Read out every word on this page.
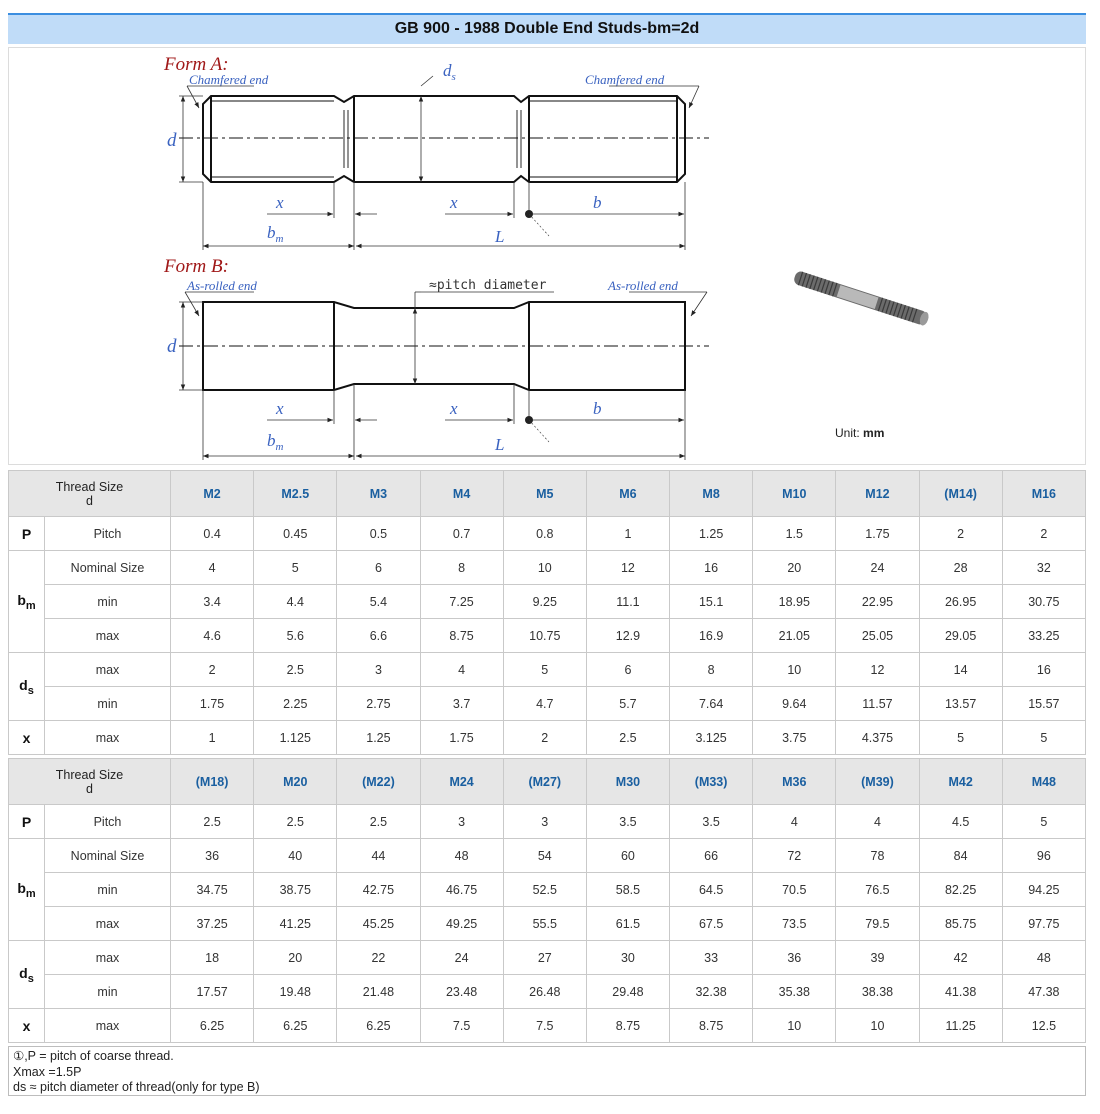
GB 900 - 1988 Double End Studs-bm=2d
Form A:
Chamfered end	Chamfered end
d
$d_s$
x	x	b
$b_m$	L
Form B:
As-rolled end	As-rolled end
≈pitch diameter
d
x	x	b
$b_m$	L
Unit: mm
Thread Size
d		M2	M2.5	M3	M4	M5	M6	M8	M10	M12	(M14)	M16
P	Pitch	0.4	0.45	0.5	0.7	0.8	1	1.25	1.5	1.75	2	2
$b_m$	Nominal Size	4	5	6	8	10	12	16	20	24	28	32
	min	3.4	4.4	5.4	7.25	9.25	11.1	15.1	18.95	22.95	26.95	30.75
	max	4.6	5.6	6.6	8.75	10.75	12.9	16.9	21.05	25.05	29.05	33.25
$d_s$	max	2	2.5	3	4	5	6	8	10	12	14	16
	min	1.75	2.25	2.75	3.7	4.7	5.7	7.64	9.64	11.57	13.57	15.57
x	max	1	1.125	1.25	1.75	2	2.5	3.125	3.75	4.375	5	5
Thread Size
d		(M18)	M20	(M22)	M24	(M27)	M30	(M33)	M36	(M39)	M42	M48
P	Pitch	2.5	2.5	2.5	3	3	3.5	3.5	4	4	4.5	5
$b_m$	Nominal Size	36	40	44	48	54	60	66	72	78	84	96
	min	34.75	38.75	42.75	46.75	52.5	58.5	64.5	70.5	76.5	82.25	94.25
	max	37.25	41.25	45.25	49.25	55.5	61.5	67.5	73.5	79.5	85.75	97.75
$d_s$	max	18	20	22	24	27	30	33	36	39	42	48
	min	17.57	19.48	21.48	23.48	26.48	29.48	32.38	35.38	38.38	41.38	47.38
x	max	6.25	6.25	6.25	7.5	7.5	8.75	8.75	10	10	11.25	12.5
①,P = pitch of coarse thread.
Xmax =1.5P
ds ≈ pitch diameter of thread(only for type B)
